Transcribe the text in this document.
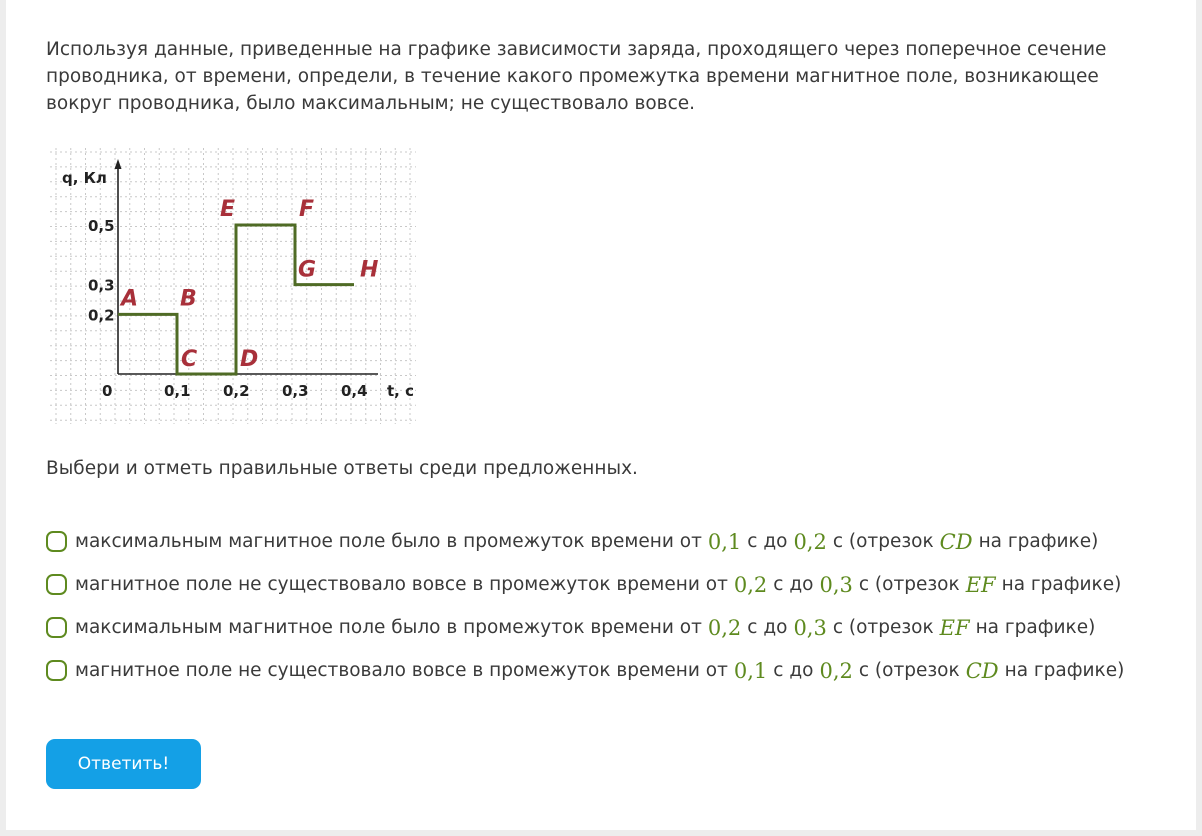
Используя данные, приведенные на графике зависимости заряда, проходящего через поперечное сечение проводника, от времени, определи, в течение какого промежутка времени магнитное поле, возникающее вокруг проводника, было максимальным; не существовало вовсе.
q, Кл
t, с
0,5
0,3
0,2
0	0,1 0,2 0,3 0,4
A B
C D
E	F
G H
Выбери и отметь правильные ответы среди предложенных.
максимальным магнитное поле было в промежуток времени от 0,1 с до 0,2 с (отрезок CD на графике)
магнитное поле не существовало вовсе в промежуток времени от 0,2 с до 0,3 с (отрезок EF на графике)
максимальным магнитное поле было в промежуток времени от 0,2 с до 0,3 с (отрезок EF на графике)
магнитное поле не существовало вовсе в промежуток времени от 0,1 с до 0,2 с (отрезок CD на графике)
Ответить!
